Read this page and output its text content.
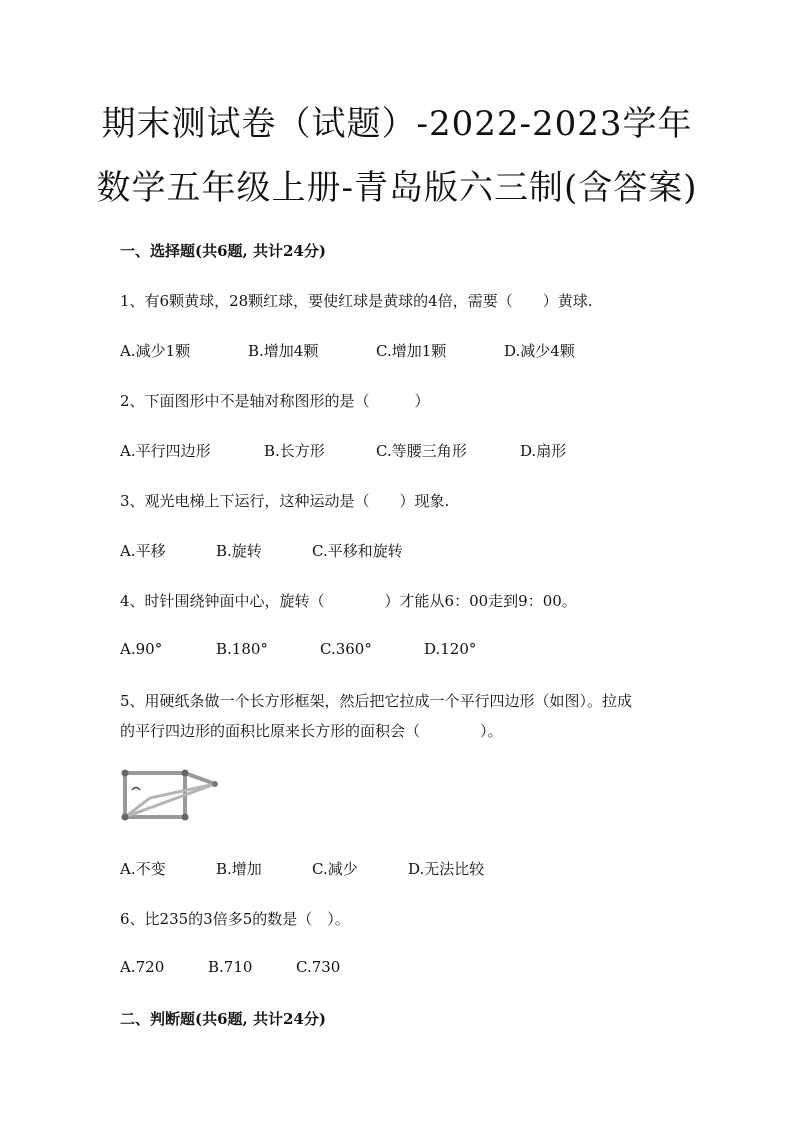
期末测试卷（试题）-2022-2023学年
数学五年级上册-青岛版六三制(含答案)
一、选择题(共6题, 共计24分)
1、有6颗黄球，28颗红球，要使红球是黄球的4倍，需要（　　）黄球.
A.减少1颗	B.增加4颗	C.增加1颗	D.减少4颗
2、下面图形中不是轴对称图形的是（　　　）
A.平行四边形	B.长方形	C.等腰三角形	D.扇形
3、观光电梯上下运行，这种运动是（　　）现象.
A.平移	B.旋转	C.平移和旋转
4、时针围绕钟面中心，旋转（　　　　）才能从6：00走到9：00。
A.90°	B.180°	C.360°	D.120°
5、用硬纸条做一个长方形框架，然后把它拉成一个平行四边形（如图）。拉成
的平行四边形的面积比原来长方形的面积会（　　　　）。
A.不变	B.增加	C.减少	D.无法比较
6、比235的3倍多5的数是（　）。
A.720	B.710	C.730
二、判断题(共6题, 共计24分)
